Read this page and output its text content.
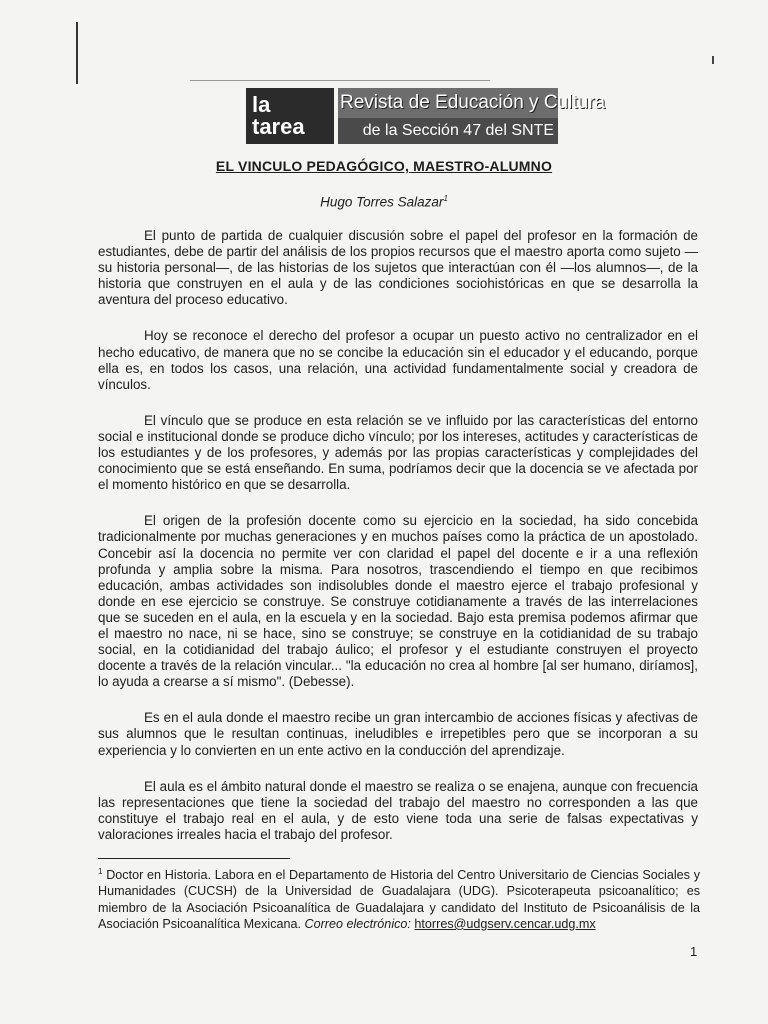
la
tarea
Revista de Educación y Cultura
de la Sección 47 del SNTE
EL VINCULO PEDAGÓGICO, MAESTRO-ALUMNO
Hugo Torres Salazar$^1$

El punto de partida de cualquier discusión sobre el papel del profesor en la formación de estudiantes, debe de partir del análisis de los propios recursos que el maestro aporta como sujeto —su historia personal—, de las historias de los sujetos que interactúan con él —los alumnos—, de la historia que construyen en el aula y de las condiciones sociohistóricas en que se desarrolla la aventura del proceso educativo.

Hoy se reconoce el derecho del profesor a ocupar un puesto activo no centralizador en el hecho educativo, de manera que no se concibe la educación sin el educador y el educando, porque ella es, en todos los casos, una relación, una actividad fundamentalmente social y creadora de vínculos.

El vínculo que se produce en esta relación se ve influido por las características del entorno social e institucional donde se produce dicho vínculo; por los intereses, actitudes y características de los estudiantes y de los profesores, y además por las propias características y complejidades del conocimiento que se está enseñando. En suma, podríamos decir que la docencia se ve afectada por el momento histórico en que se desarrolla.

El origen de la profesión docente como su ejercicio en la sociedad, ha sido concebida tradicionalmente por muchas generaciones y en muchos países como la práctica de un apostolado. Concebir así la docencia no permite ver con claridad el papel del docente e ir a una reflexión profunda y amplia sobre la misma. Para nosotros, trascendiendo el tiempo en que recibimos educación, ambas actividades son indisolubles donde el maestro ejerce el trabajo profesional y donde en ese ejercicio se construye. Se construye cotidianamente a través de las interrelaciones que se suceden en el aula, en la escuela y en la sociedad. Bajo esta premisa podemos afirmar que el maestro no nace, ni se hace, sino se construye; se construye en la cotidianidad de su trabajo social, en la cotidianidad del trabajo áulico; el profesor y el estudiante construyen el proyecto docente a través de la relación vincular... "la educación no crea al hombre [al ser humano, diríamos], lo ayuda a crearse a sí mismo". (Debesse).

Es en el aula donde el maestro recibe un gran intercambio de acciones físicas y afectivas de sus alumnos que le resultan continuas, ineludibles e irrepetibles pero que se incorporan a su experiencia y lo convierten en un ente activo en la conducción del aprendizaje.

El aula es el ámbito natural donde el maestro se realiza o se enajena, aunque con frecuencia las representaciones que tiene la sociedad del trabajo del maestro no corresponden a las que constituye el trabajo real en el aula, y de esto viene toda una serie de falsas expectativas y valoraciones irreales hacia el trabajo del profesor.

$^1$ Doctor en Historia. Labora en el Departamento de Historia del Centro Universitario de Ciencias Sociales y Humanidades (CUCSH) de la Universidad de Guadalajara (UDG). Psicoterapeuta psicoanalítico; es miembro de la Asociación Psicoanalítica de Guadalajara y candidato del Instituto de Psicoanálisis de la Asociación Psicoanalítica Mexicana. Correo electrónico: htorres@udgserv.cencar.udg.mx
1
